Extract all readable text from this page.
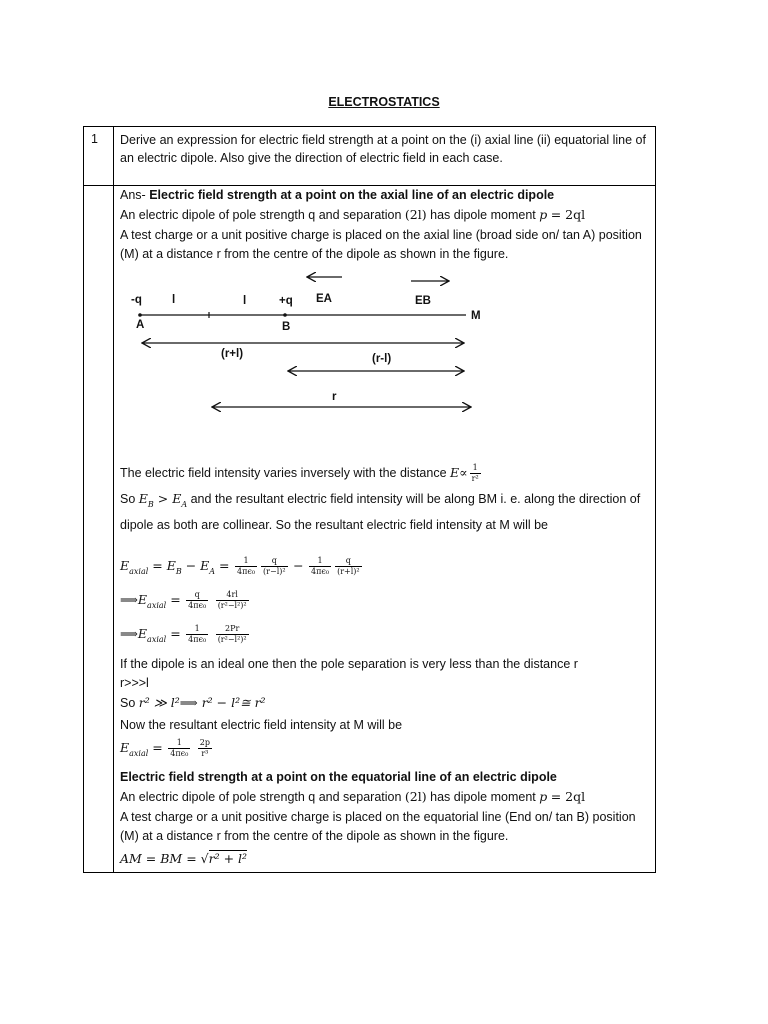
ELECTROSTATICS
1 Derive an expression for electric field strength at a point on the (i) axial line (ii) equatorial line of an electric dipole. Also give the direction of electric field in each case.
Ans- Electric field strength at a point on the axial line of an electric dipole
An electric dipole of pole strength q and separation (2l) has dipole moment p = 2ql
A test charge or a unit positive charge is placed on the axial line (broad side on/ tan A) position (M) at a distance r from the centre of the dipole as shown in the figure.
-q	l	l	+q EA	EB
M
A	B
(r+l)	(r-l)
r
The electric field intensity varies inversely with the distance $E\propto \frac{1}{\text{r²}}$
So $E_B > E_A$ and the resultant electric field intensity will be along BM i. e. along the direction of dipole as both are collinear. So the resultant electric field intensity at M will be
$E_{axial} = E_B - E_A = \frac{1}{\text{4πϵ₀}} \frac{q}{\text{(r−l)²}} - \frac{1}{\text{4πϵ₀}} \frac{q}{\text{(r+l)²}}$
$⟹E_{axial} = \frac{q}{\text{4πϵ₀}}$
$\frac{4rl}{\text{(r²−l²)²}}$
$⟹E_{axial} = \frac{1}{\text{4πϵ₀}}$
$\frac{2Pr}{\text{(r²−l²)²}}$
If the dipole is an ideal one then the pole separation is very less than the distance r
r>>>l
So r² ≫ l²⟹ r² − l²≅ r²
Now the resultant electric field intensity at M will be
$E_{axial} = \frac{1}{\text{4πϵ₀}}$
$\frac{2p}{\text{r³}}$
Electric field strength at a point on the equatorial line of an electric dipole
An electric dipole of pole strength q and separation (2l) has dipole moment p = 2ql
A test charge or a unit positive charge is placed on the equatorial line (End on/ tan B) position (M) at a distance r from the centre of the dipole as shown in the figure.
AM = BM = √r² + l²
